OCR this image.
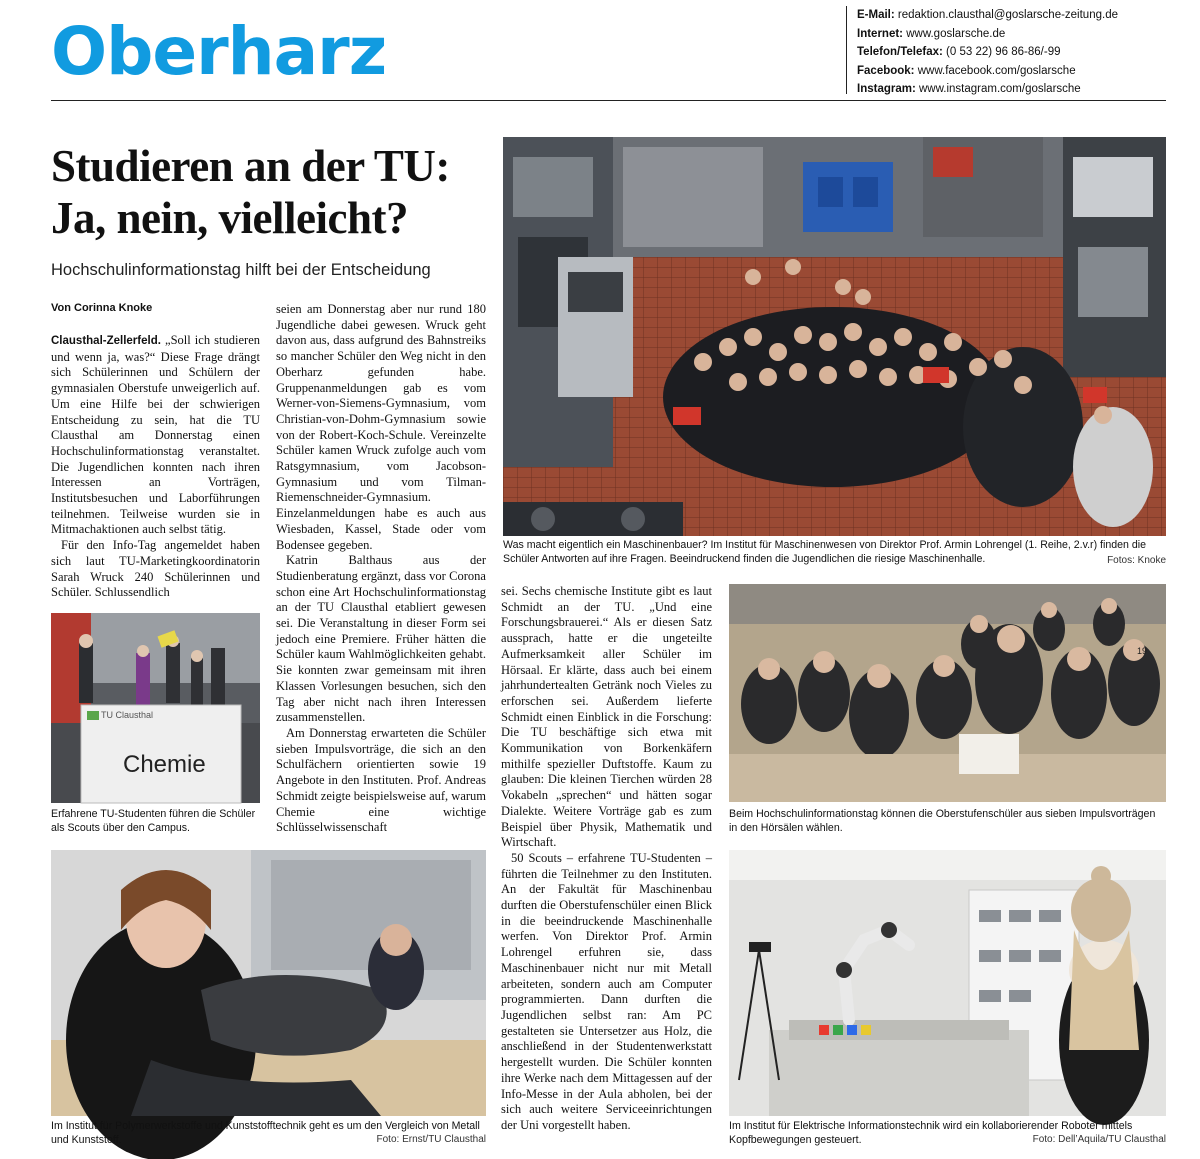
Oberharz	E-Mail: redaktion.clausthal@goslarsche-zeitung.de
Internet: www.goslarsche.de
Telefon/Telefax: (0 53 22) 96 86-86/-99
Facebook: www.facebook.com/goslarsche
Instagram: www.instagram.com/goslarsche
Studieren an der TU:
Ja, nein, vielleicht?
Hochschulinformationstag hilft bei der Entscheidung
Von Corinna Knoke

Clausthal-Zellerfeld. „Soll ich studieren und wenn ja, was?“ Diese Frage drängt sich Schülerinnen und Schülern der gymnasialen Oberstufe unweigerlich auf. Um eine Hilfe bei der schwierigen Entscheidung zu sein, hat die TU Clausthal am Donnerstag einen Hochschulinformationstag veranstaltet. Die Jugendlichen konnten nach ihren Interessen an Vorträgen, Institutsbesuchen und Laborführungen teilnehmen. Teilweise wurden sie in Mitmachaktionen auch selbst tätig.

Für den Info-Tag angemeldet haben sich laut TU-Marketingkoordinatorin Sarah Wruck 240 Schülerinnen und Schüler. Schlussendlich

seien am Donnerstag aber nur rund 180 Jugendliche dabei gewesen. Wruck geht davon aus, dass aufgrund des Bahnstreiks so mancher Schüler den Weg nicht in den Oberharz gefunden habe. Gruppenanmeldungen gab es vom Werner-von-Siemens-Gymnasium, vom Christian-von-Dohm-Gymnasium sowie von der Robert-Koch-Schule. Vereinzelte Schüler kamen Wruck zufolge auch vom Ratsgymnasium, vom Jacobson-Gymnasium und vom Tilman-Riemenschneider-Gymnasium. Einzelanmeldungen habe es auch aus Wiesbaden, Kassel, Stade oder vom Bodensee gegeben.

Katrin Balthaus aus der Studienberatung ergänzt, dass vor Corona schon eine Art Hochschulinformationstag an der TU Clausthal etabliert gewesen sei. Die Veranstaltung in dieser Form sei jedoch eine Premiere. Früher hätten die Schüler kaum Wahlmöglichkeiten gehabt. Sie konnten zwar gemeinsam mit ihren Klassen Vorlesungen besuchen, sich den Tag aber nicht nach ihren Interessen zusammenstellen.

Am Donnerstag erwarteten die Schüler sieben Impulsvorträge, die sich an den Schulfächern orientierten sowie 19 Angebote in den Instituten. Prof. Andreas Schmidt zeigte beispielsweise auf, warum Chemie eine wichtige Schlüsselwissenschaft

sei. Sechs chemische Institute gibt es laut Schmidt an der TU. „Und eine Forschungsbrauerei.“ Als er diesen Satz aussprach, hatte er die ungeteilte Aufmerksamkeit aller Schüler im Hörsaal. Er klärte, dass auch bei einem jahrhundertealten Getränk noch Vieles zu erforschen sei. Außerdem lieferte Schmidt einen Einblick in die Forschung: Die TU beschäftige sich etwa mit Kommunikation von Borkenkäfern mithilfe spezieller Duftstoffe. Kaum zu glauben: Die kleinen Tierchen würden 28 Vokabeln „sprechen“ und hätten sogar Dialekte. Weitere Vorträge gab es zum Beispiel über Physik, Mathematik und Wirtschaft.

50 Scouts – erfahrene TU-Studenten – führten die Teilnehmer zu den Instituten. An der Fakultät für Maschinenbau durften die Oberstufenschüler einen Blick in die beeindruckende Maschinenhalle werfen. Von Direktor Prof. Armin Lohrengel erfuhren sie, dass Maschinenbauer nicht nur mit Metall arbeiteten, sondern auch am Computer programmierten. Dann durften die Jugendlichen selbst ran: Am PC gestalteten sie Untersetzer aus Holz, die anschließend in der Studentenwerkstatt hergestellt wurden. Die Schüler konnten ihre Werke nach dem Mittagessen auf der Info-Messe in der Aula abholen, bei der sich auch weitere Serviceeinrichtungen der Uni vorgestellt haben.

Was macht eigentlich ein Maschinenbauer? Im Institut für Maschinenwesen von Direktor Prof. Armin Lohrengel (1. Reihe, 2.v.r) finden die Schüler Antworten auf ihre Fragen. Beeindruckend finden die Jugendlichen die riesige Maschinenhalle.	Fotos: Knoke
TU Clausthal
Chemie
Erfahrene TU-Studenten führen die Schüler als Scouts über den Campus.
19
Beim Hochschulinformationstag können die Oberstufenschüler aus sieben Impulsvorträgen in den Hörsälen wählen.
Im Institut für Polymerwerkstoffe und Kunststofftechnik geht es um den Vergleich von Metall und Kunststoff.	Foto: Ernst/TU Clausthal
Im Institut für Elektrische Informationstechnik wird ein kollaborierender Roboter mittels Kopfbewegungen gesteuert.	Foto: Dell’Aquila/TU Clausthal
